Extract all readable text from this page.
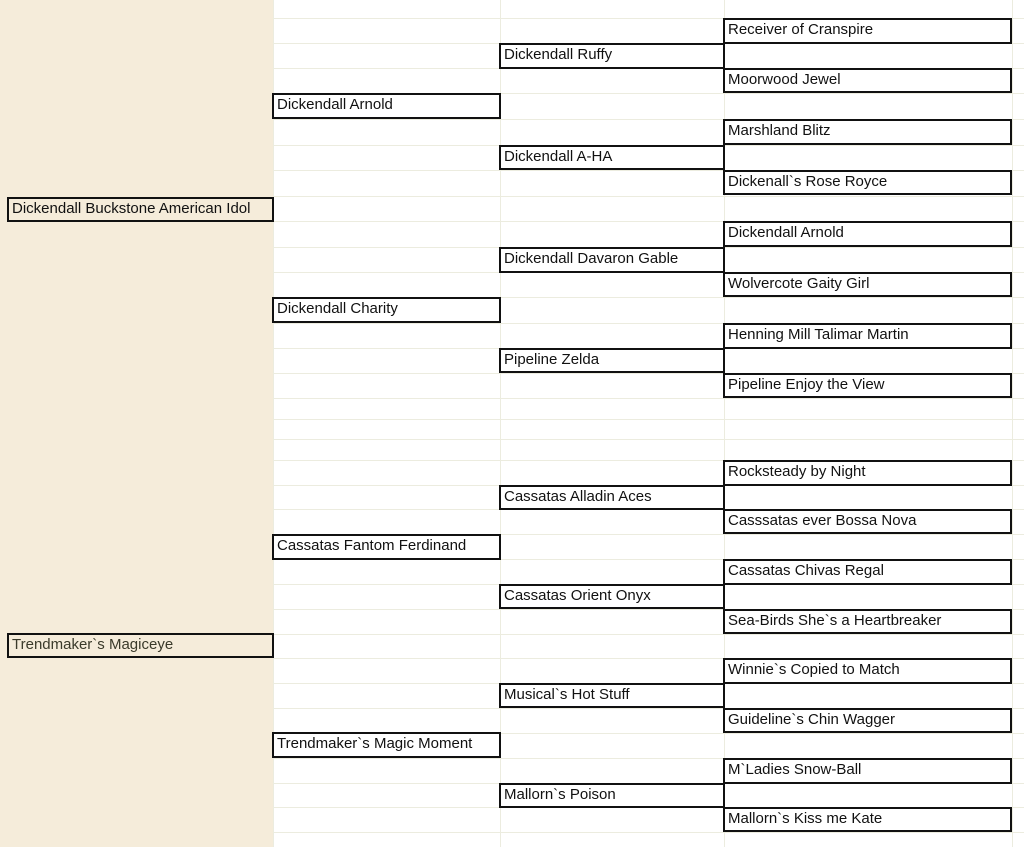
Dickendall Buckstone American Idol
Trendmaker`s Magiceye
Dickendall Arnold
Dickendall Charity
Cassatas Fantom Ferdinand
Trendmaker`s Magic Moment
Dickendall Ruffy
Dickendall A-HA
Dickendall Davaron Gable
Pipeline Zelda
Cassatas Alladin Aces
Cassatas Orient Onyx
Musical`s Hot Stuff
Mallorn`s Poison
Receiver of Cranspire
Moorwood Jewel
Marshland Blitz
Dickenall`s Rose Royce
Dickendall Arnold
Wolvercote Gaity Girl
Henning Mill Talimar Martin
Pipeline Enjoy the View
Rocksteady by Night
Casssatas ever Bossa Nova
Cassatas Chivas Regal
Sea-Birds She`s a Heartbreaker
Winnie`s Copied to Match
Guideline`s Chin Wagger
M`Ladies Snow-Ball
Mallorn`s Kiss me Kate
